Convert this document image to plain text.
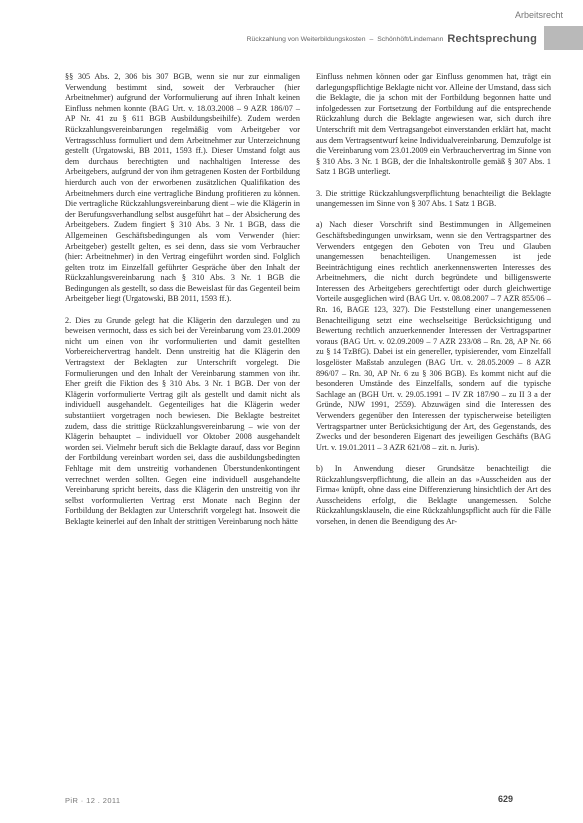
Arbeitsrecht
Rückzahlung von Weiterbildungskosten – Schönhöft/Lindemann Rechtsprechung

§§ 305 Abs. 2, 306 bis 307 BGB, wenn sie nur zur einmaligen Verwendung bestimmt sind, soweit der Verbraucher (hier Arbeitnehmer) aufgrund der Vorformulierung auf ihren Inhalt keinen Einfluss nehmen konnte (BAG Urt. v. 18.03.2008 – 9 AZR 186/07 – AP Nr. 41 zu § 611 BGB Ausbildungsbeihilfe). Zudem werden Rückzahlungsvereinbarungen regelmäßig vom Arbeitgeber vor Vertragsschluss formuliert und dem Arbeitnehmer zur Unterzeichnung gestellt (Urgatowski, BB 2011, 1593 ff.). Dieser Umstand folgt aus dem durchaus berechtigten und nachhaltigen Interesse des Arbeitgebers, aufgrund der von ihm getragenen Kosten der Fortbildung hierdurch auch von der erworbenen zusätzlichen Qualifikation des Arbeitnehmers durch eine vertragliche Bindung profitieren zu können. Die vertragliche Rückzahlungsvereinbarung dient – wie die Klägerin in der Berufungsverhandlung selbst ausgeführt hat – der Absicherung des Arbeitgebers. Zudem fingiert § 310 Abs. 3 Nr. 1 BGB, dass die Allgemeinen Geschäftsbedingungen als vom Verwender (hier: Arbeitgeber) gestellt gelten, es sei denn, dass sie vom Verbraucher (hier: Arbeitnehmer) in den Vertrag eingeführt worden sind. Folglich gelten trotz im Einzelfall geführter Gespräche über den Inhalt der Rückzahlungsvereinbarung nach § 310 Abs. 3 Nr. 1 BGB die Bedingungen als gestellt, so dass die Beweislast für das Gegenteil beim Arbeitgeber liegt (Urgatowski, BB 2011, 1593 ff.).

2. Dies zu Grunde gelegt hat die Klägerin den darzulegen und zu beweisen vermocht, dass es sich bei der Vereinbarung vom 23.01.2009 nicht um einen von ihr vorformulierten und damit gestellten Vorbereichervertrag handelt. Denn unstreitig hat die Klägerin den Vertragstext der Beklagten zur Unterschrift vorgelegt. Die Formulierungen und den Inhalt der Vereinbarung stammen von ihr. Eher greift die Fiktion des § 310 Abs. 3 Nr. 1 BGB. Der von der Klägerin vorformulierte Vertrag gilt als gestellt und damit nicht als individuell ausgehandelt. Gegenteiliges hat die Klägerin weder substantiiert vorgetragen noch bewiesen. Die Beklagte bestreitet zudem, dass die strittige Rückzahlungsvereinbarung – wie von der Klägerin behauptet – individuell vor Oktober 2008 ausgehandelt worden sei. Vielmehr beruft sich die Beklagte darauf, dass vor Beginn der Fortbildung vereinbart worden sei, dass die ausbildungsbedingten Fehltage mit dem unstreitig vorhandenen Überstundenkontingent verrechnet werden sollten. Gegen eine individuell ausgehandelte Vereinbarung spricht bereits, dass die Klägerin den unstreitig von ihr selbst vorformulierten Vertrag erst Monate nach Beginn der Fortbildung der Beklagten zur Unterschrift vorgelegt hat. Insoweit die Beklagte keinerlei auf den Inhalt der strittigen Vereinbarung noch hätte

Einfluss nehmen können oder gar Einfluss genommen hat, trägt ein darlegungspflichtige Beklagte nicht vor. Alleine der Umstand, dass sich die Beklagte, die ja schon mit der Fortbildung begonnen hatte und infolgedessen zur Fortsetzung der Fortbildung auf die entsprechende Rückzahlung durch die Beklagte angewiesen war, sich durch ihre Unterschrift mit dem Vertragsangebot einverstanden erklärt hat, macht aus dem Vertragsentwurf keine Individualvereinbarung. Demzufolge ist die Vereinbarung vom 23.01.2009 ein Verbrauchervertrag im Sinne von § 310 Abs. 3 Nr. 1 BGB, der die Inhaltskontrolle gemäß § 307 Abs. 1 Satz 1 BGB unterliegt.

3. Die strittige Rückzahlungsverpflichtung benachteiligt die Beklagte unangemessen im Sinne von § 307 Abs. 1 Satz 1 BGB.

a) Nach dieser Vorschrift sind Bestimmungen in Allgemeinen Geschäftsbedingungen unwirksam, wenn sie den Vertragspartner des Verwenders entgegen den Geboten von Treu und Glauben unangemessen benachteiligen. Unangemessen ist jede Beeinträchtigung eines rechtlich anerkennenswerten Interesses des Arbeitnehmers, die nicht durch begründete und billigenswerte Interessen des Arbeitgebers gerechtfertigt oder durch gleichwertige Vorteile ausgeglichen wird (BAG Urt. v. 08.08.2007 – 7 AZR 855/06 – Rn. 16, BAGE 123, 327). Die Feststellung einer unangemessenen Benachteiligung setzt eine wechselseitige Berücksichtigung und Bewertung rechtlich anzuerkennender Interessen der Vertragspartner voraus (BAG Urt. v. 02.09.2009 – 7 AZR 233/08 – Rn. 28, AP Nr. 66 zu § 14 TzBfG). Dabei ist ein genereller, typisierender, vom Einzelfall losgelöster Maßstab anzulegen (BAG Urt. v. 28.05.2009 – 8 AZR 896/07 – Rn. 30, AP Nr. 6 zu § 306 BGB). Es kommt nicht auf die besonderen Umstände des Einzelfalls, sondern auf die typische Sachlage an (BGH Urt. v. 29.05.1991 – IV ZR 187/90 – zu II 3 a der Gründe, NJW 1991, 2559). Abzuwägen sind die Interessen des Verwenders gegenüber den Interessen der typischerweise beteiligten Vertragspartner unter Berücksichtigung der Art, des Gegenstands, des Zwecks und der besonderen Eigenart des jeweiligen Geschäfts (BAG Urt. v. 19.01.2011 – 3 AZR 621/08 – zit. n. Juris).

b) In Anwendung dieser Grundsätze benachteiligt die Rückzahlungsverpflichtung, die allein an das »Ausscheiden aus der Firma« knüpft, ohne dass eine Differenzierung hinsichtlich der Art des Ausscheidens erfolgt, die Beklagte unangemessen. Solche Rückzahlungsklauseln, die eine Rückzahlungspflicht auch für die Fälle vorsehen, in denen die Beendigung des Ar-

PiR · 12 . 2011	629
